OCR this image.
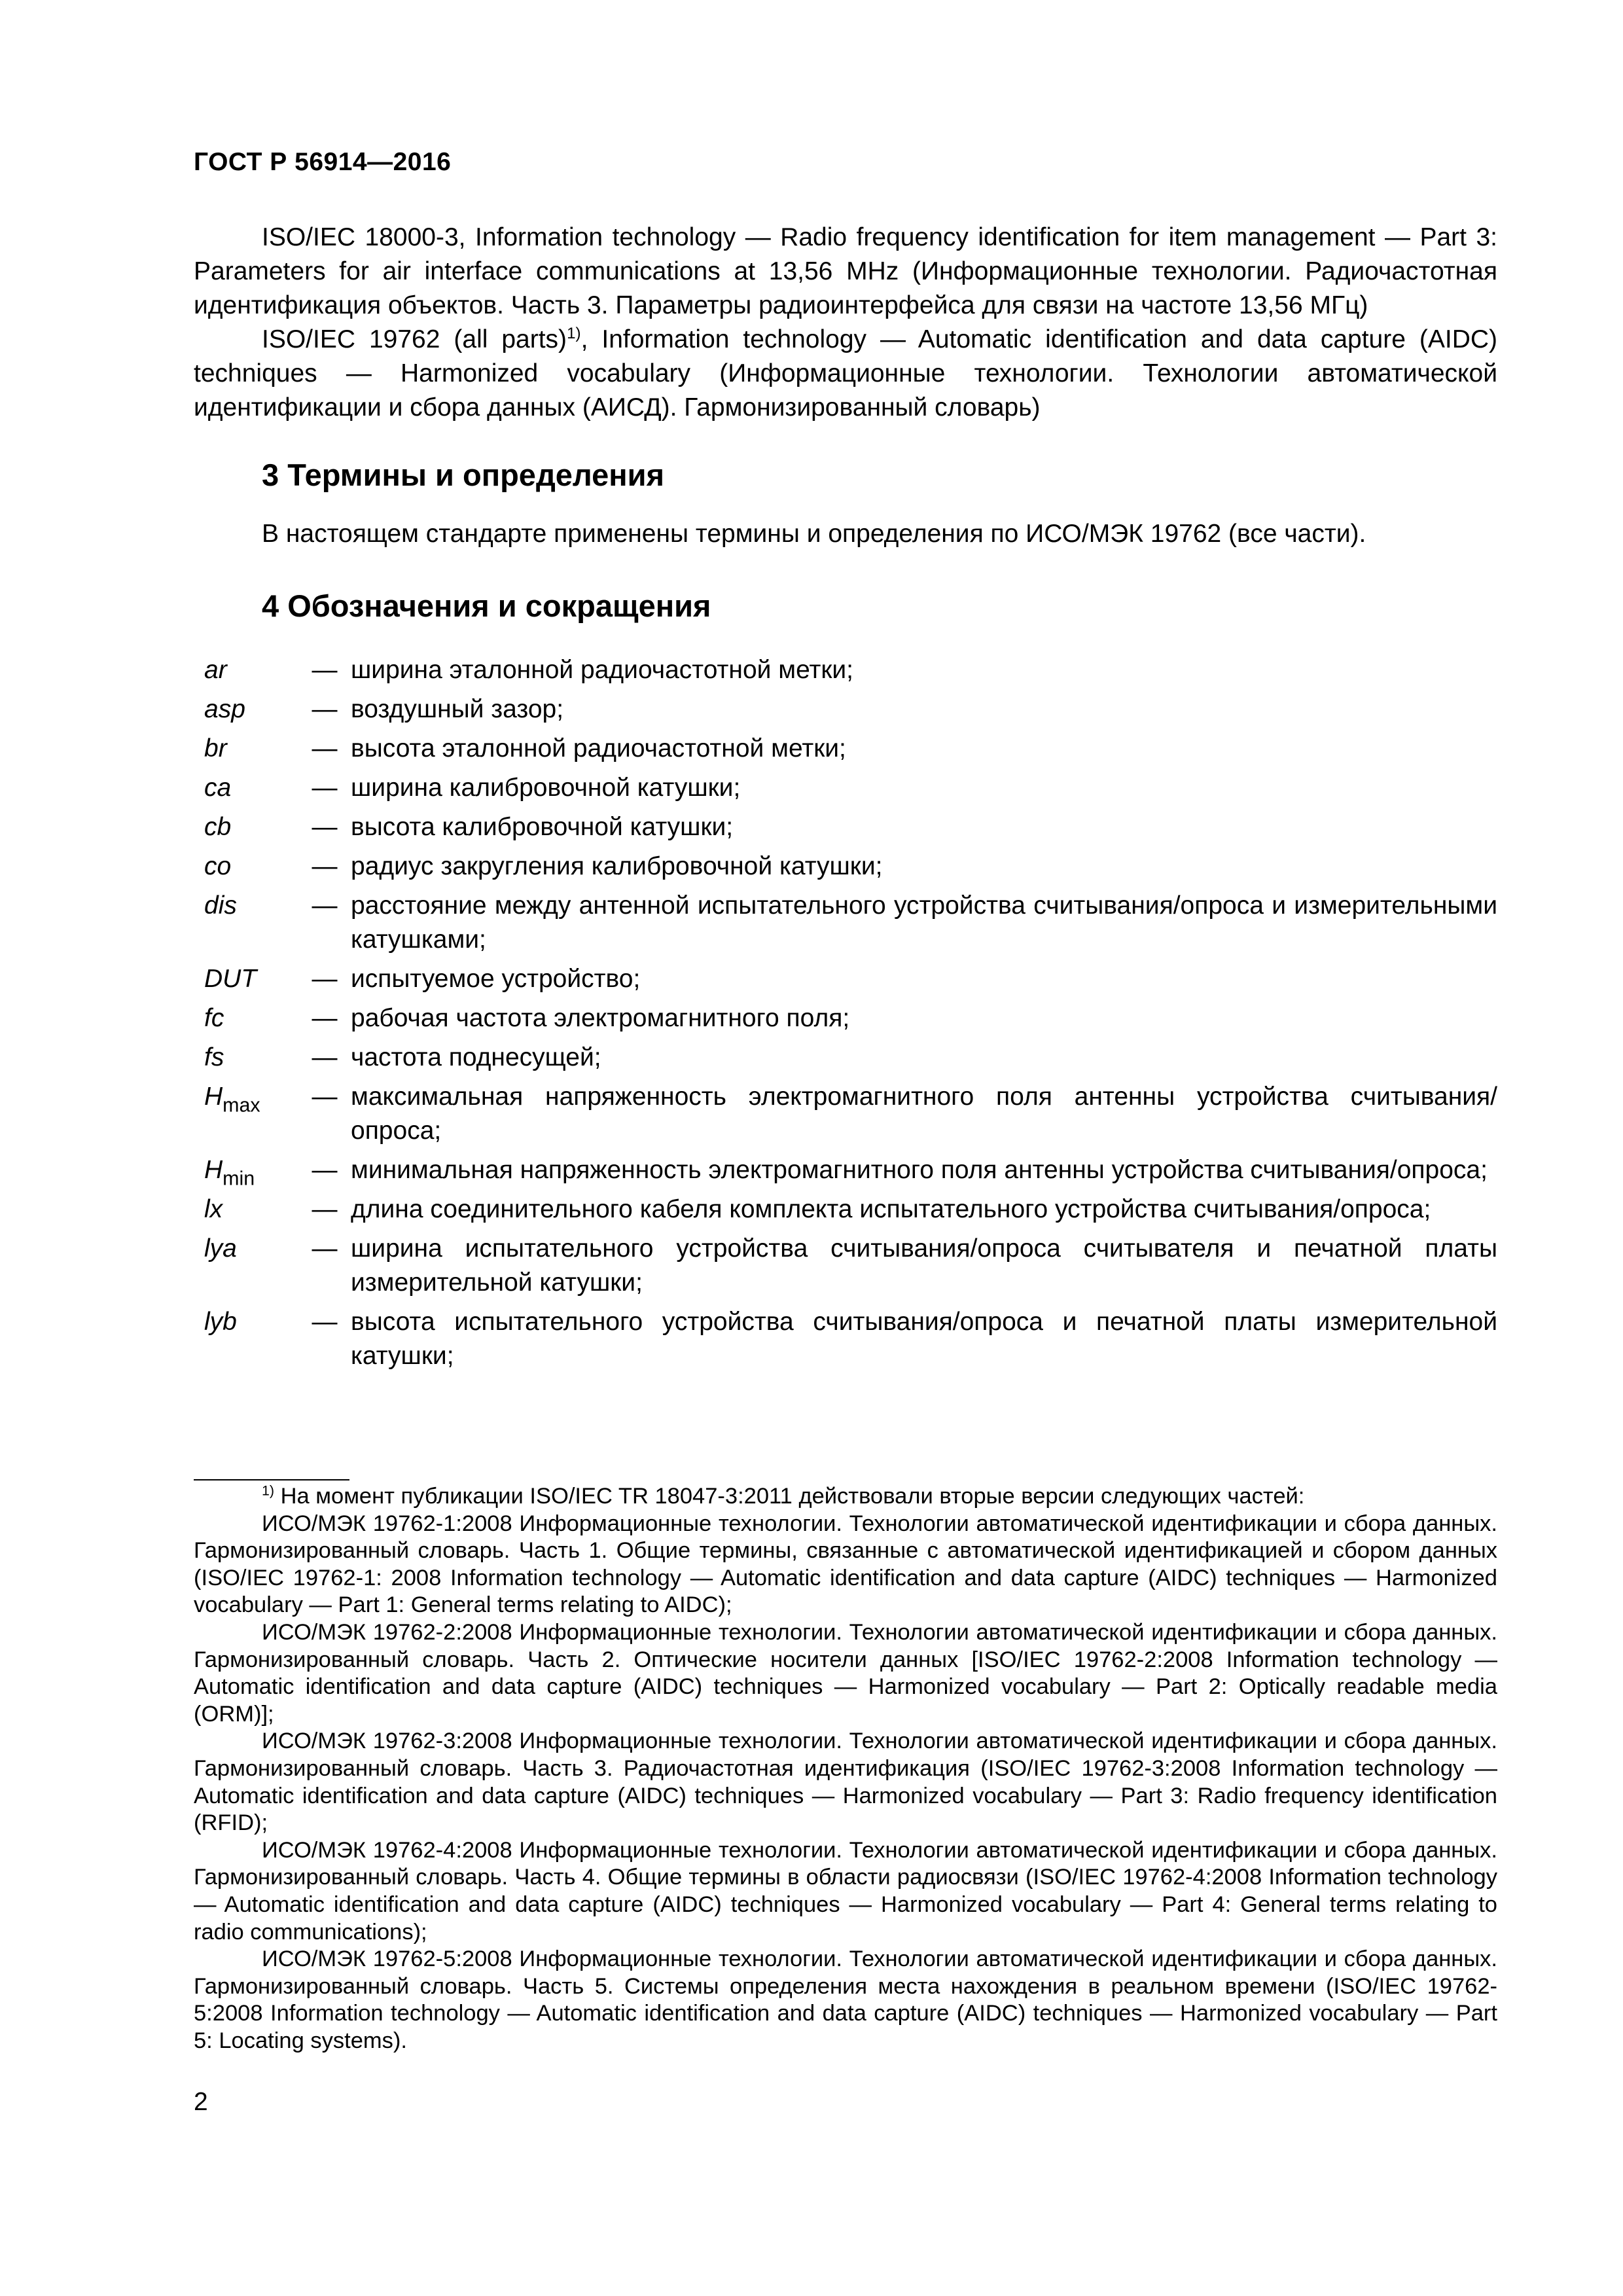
ГОСТ Р 56914—2016

ISO/IEC 18000-3, Information technology — Radio frequency identification for item management — Part 3: Parameters for air interface communications at 13,56 MHz (Информационные технологии. Радиочастотная идентификация объектов. Часть 3. Параметры радиоинтерфейса для связи на частоте 13,56 МГц)

ISO/IEC 19762 (all parts)$^{1)}$, Information technology — Automatic identification and data capture (AIDC) techniques — Harmonized vocabulary (Информационные технологии. Технологии автоматической идентификации и сбора данных (АИСД). Гармонизированный словарь)

3 Термины и определения

В настоящем стандарте применены термины и определения по ИСО/МЭК 19762 (все части).

4 Обозначения и сокращения
ar	— ширина эталонной радиочастотной метки;
asp	— воздушный зазор;
br	— высота эталонной радиочастотной метки;
ca	— ширина калибровочной катушки;
cb	— высота калибровочной катушки;
co	— радиус закругления калибровочной катушки;
dis	— расстояние между антенной испытательного устройства считывания/опроса и измерительными катушками;
DUT	— испытуемое устройство;
fc	— рабочая частота электромагнитного поля;
fs	— частота поднесущей;
$H_{max}$	— максимальная напряженность электромагнитного поля антенны устройства считывания/опроса;
$H_{min}$	— минимальная напряженность электромагнитного поля антенны устройства считывания/опроса;
lx	— длина соединительного кабеля комплекта испытательного устройства считывания/опроса;
lya	— ширина испытательного устройства считывания/опроса считывателя и печатной платы измерительной катушки;
lyb	— высота испытательного устройства считывания/опроса и печатной платы измерительной катушки;

$^{1)}$ На момент публикации ISO/IEC TR 18047-3:2011 действовали вторые версии следующих частей:

ИСО/МЭК 19762-1:2008 Информационные технологии. Технологии автоматической идентификации и сбора данных. Гармонизированный словарь. Часть 1. Общие термины, связанные с автоматической идентификацией и сбором данных (ISO/IEC 19762-1: 2008 Information technology — Automatic identification and data capture (AIDC) techniques — Harmonized vocabulary — Part 1: General terms relating to AIDC);

ИСО/МЭК 19762-2:2008 Информационные технологии. Технологии автоматической идентификации и сбора данных. Гармонизированный словарь. Часть 2. Оптические носители данных [ISO/IEC 19762-2:2008 Information technology — Automatic identification and data capture (AIDC) techniques — Harmonized vocabulary — Part 2: Optically readable media (ORM)];

ИСО/МЭК 19762-3:2008 Информационные технологии. Технологии автоматической идентификации и сбора данных. Гармонизированный словарь. Часть 3. Радиочастотная идентификация (ISO/IEC 19762-3:2008 Information technology — Automatic identification and data capture (AIDC) techniques — Harmonized vocabulary — Part 3: Radio frequency identification (RFID);

ИСО/МЭК 19762-4:2008 Информационные технологии. Технологии автоматической идентификации и сбора данных. Гармонизированный словарь. Часть 4. Общие термины в области радиосвязи (ISO/IEC 19762-4:2008 Information technology — Automatic identification and data capture (AIDC) techniques — Harmonized vocabulary — Part 4: General terms relating to radio communications);

ИСО/МЭК 19762-5:2008 Информационные технологии. Технологии автоматической идентификации и сбора данных. Гармонизированный словарь. Часть 5. Системы определения места нахождения в реальном времени (ISO/IEC 19762-5:2008 Information technology — Automatic identification and data capture (AIDC) techniques — Harmonized vocabulary — Part 5: Locating systems).

2
